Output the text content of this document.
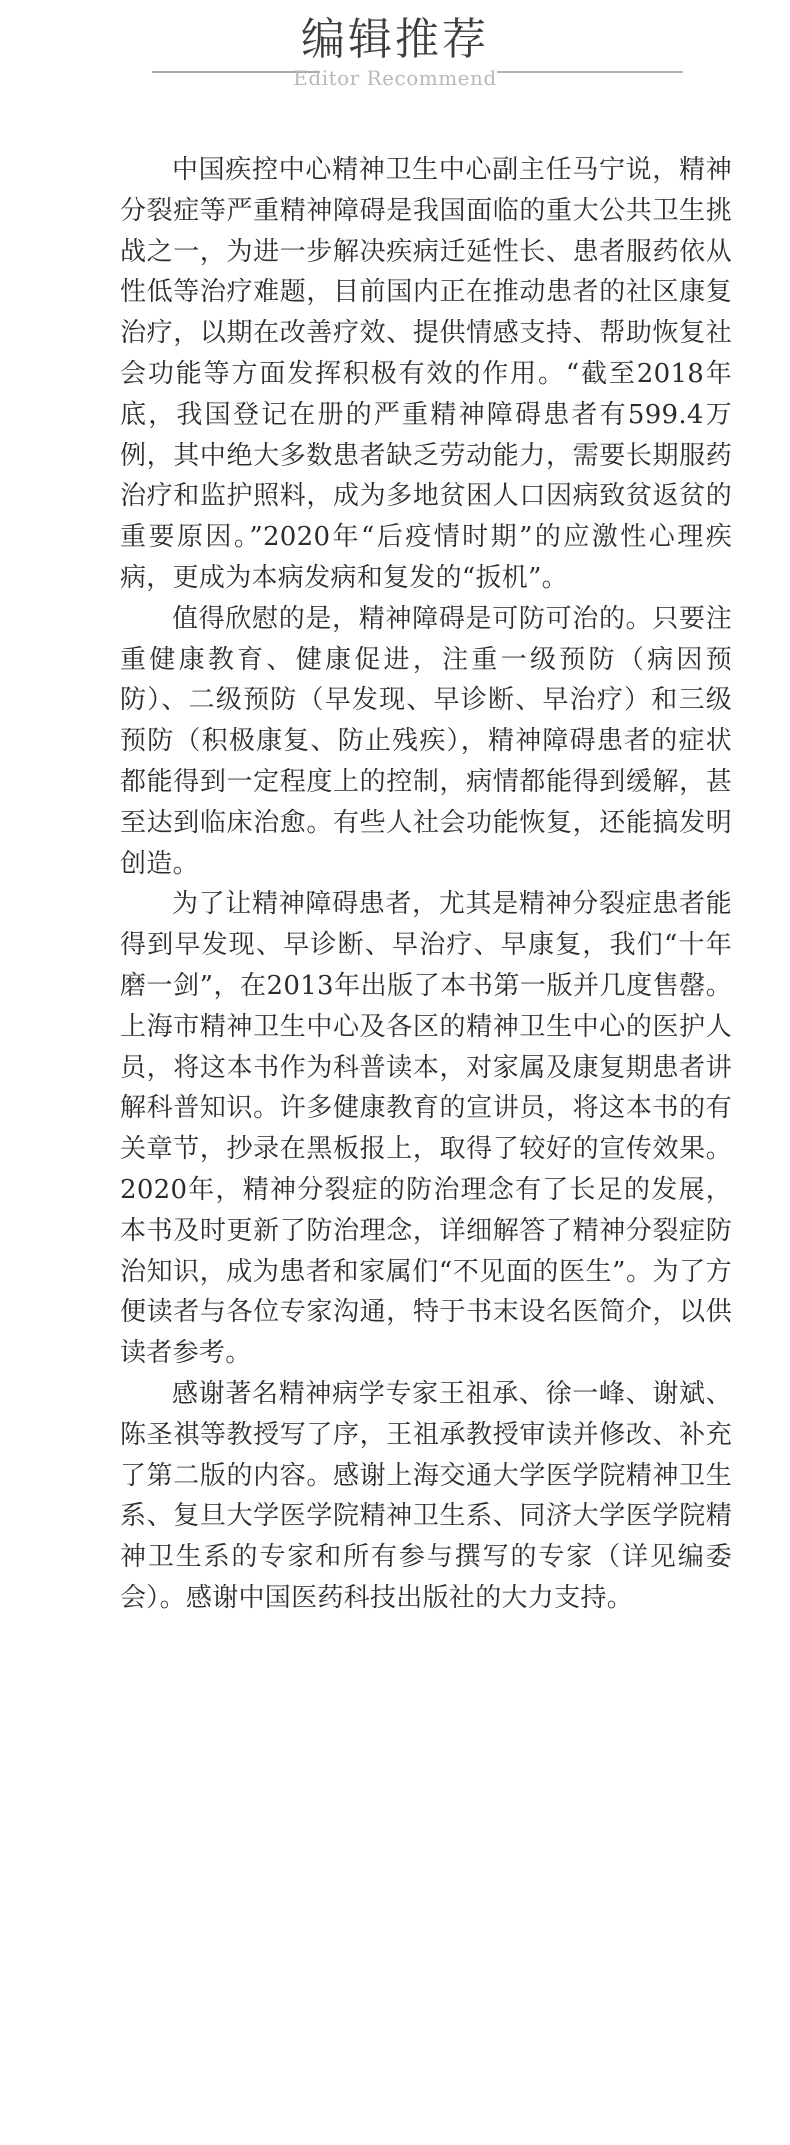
编辑推荐
Editor Recommend

中国疾控中心精神卫生中心副主任马宁说，精神分裂症等严重精神障碍是我国面临的重大公共卫生挑战之一，为进一步解决疾病迁延性长、患者服药依从性低等治疗难题，目前国内正在推动患者的社区康复治疗，以期在改善疗效、提供情感支持、帮助恢复社会功能等方面发挥积极有效的作用。“截至2018年底，我国登记在册的严重精神障碍患者有599.4万例，其中绝大多数患者缺乏劳动能力，需要长期服药治疗和监护照料，成为多地贫困人口因病致贫返贫的重要原因。”2020年“后疫情时期”的应激性心理疾病，更成为本病发病和复发的“扳机”。

值得欣慰的是，精神障碍是可防可治的。只要注重健康教育、健康促进，注重一级预防（病因预防）、二级预防（早发现、早诊断、早治疗）和三级预防（积极康复、防止残疾），精神障碍患者的症状都能得到一定程度上的控制，病情都能得到缓解，甚至达到临床治愈。有些人社会功能恢复，还能搞发明创造。

为了让精神障碍患者，尤其是精神分裂症患者能得到早发现、早诊断、早治疗、早康复，我们“十年磨一剑”，在2013年出版了本书第一版并几度售罄。上海市精神卫生中心及各区的精神卫生中心的医护人员，将这本书作为科普读本，对家属及康复期患者讲解科普知识。许多健康教育的宣讲员，将这本书的有关章节，抄录在黑板报上，取得了较好的宣传效果。2020年，精神分裂症的防治理念有了长足的发展，本书及时更新了防治理念，详细解答了精神分裂症防治知识，成为患者和家属们“不见面的医生”。为了方便读者与各位专家沟通，特于书末设名医简介，以供读者参考。

感谢著名精神病学专家王祖承、徐一峰、谢斌、陈圣祺等教授写了序，王祖承教授审读并修改、补充了第二版的内容。感谢上海交通大学医学院精神卫生系、复旦大学医学院精神卫生系、同济大学医学院精神卫生系的专家和所有参与撰写的专家（详见编委会）。感谢中国医药科技出版社的大力支持。
